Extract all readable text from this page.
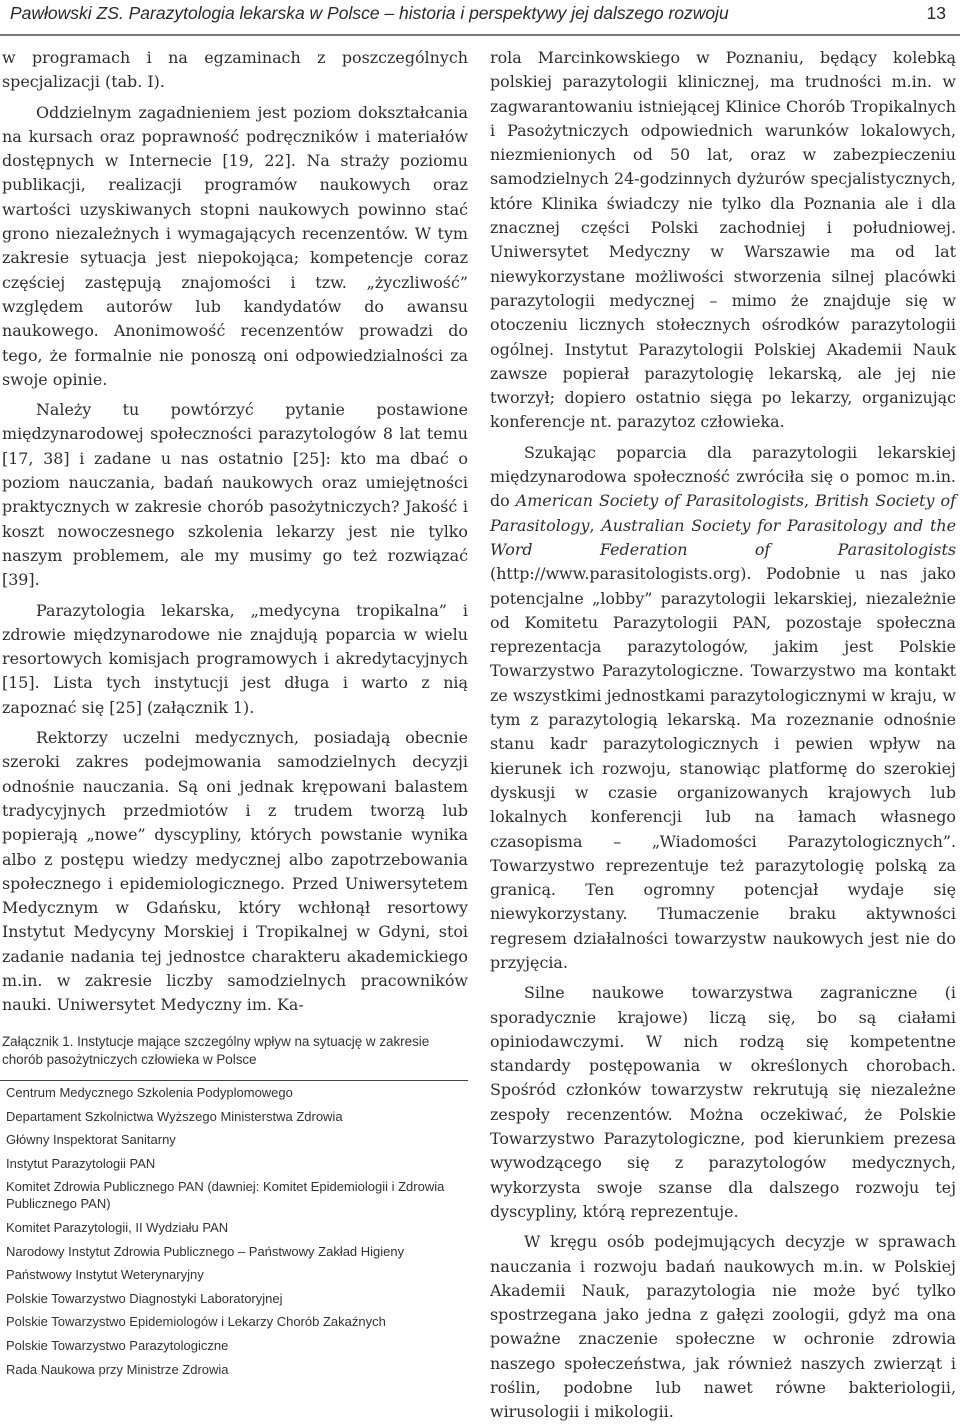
Pawłowski ZS. Parazytologia lekarska w Polsce – historia i perspektywy jej dalszego rozwoju	13

w programach i na egzaminach z poszczególnych specjalizacji (tab. I).

Oddzielnym zagadnieniem jest poziom dokształcania na kursach oraz poprawność podręczników i materiałów dostępnych w Internecie [19, 22]. Na straży poziomu publikacji, realizacji programów naukowych oraz wartości uzyskiwanych stopni naukowych powinno stać grono niezależnych i wymagających recenzentów. W tym zakresie sytuacja jest niepokojąca; kompetencje coraz częściej zastępują znajomości i tzw. „życzliwość” względem autorów lub kandydatów do awansu naukowego. Anonimowość recenzentów prowadzi do tego, że formalnie nie ponoszą oni odpowiedzialności za swoje opinie.

Należy tu powtórzyć pytanie postawione międzynarodowej społeczności parazytologów 8 lat temu [17, 38] i zadane u nas ostatnio [25]: kto ma dbać o poziom nauczania, badań naukowych oraz umiejętności praktycznych w zakresie chorób pasożytniczych? Jakość i koszt nowoczesnego szkolenia lekarzy jest nie tylko naszym problemem, ale my musimy go też rozwiązać [39].

Parazytologia lekarska, „medycyna tropikalna” i zdrowie międzynarodowe nie znajdują poparcia w wielu resortowych komisjach programowych i akredytacyjnych [15]. Lista tych instytucji jest długa i warto z nią zapoznać się [25] (załącznik 1).

Rektorzy uczelni medycznych, posiadają obecnie szeroki zakres podejmowania samodzielnych decyzji odnośnie nauczania. Są oni jednak krępowani balastem tradycyjnych przedmiotów i z trudem tworzą lub popierają „nowe” dyscypliny, których powstanie wynika albo z postępu wiedzy medycznej albo zapotrzebowania społecznego i epidemiologicznego. Przed Uniwersytetem Medycznym w Gdańsku, który wchłonął resortowy Instytut Medycyny Morskiej i Tropikalnej w Gdyni, stoi zadanie nadania tej jednostce charakteru akademickiego m.in. w zakresie liczby samodzielnych pracowników nauki. Uniwersytet Medyczny im. Ka-

Załącznik 1. Instytucje mające szczególny wpływ na sytuację w zakresie chorób pasożytniczych człowieka w Polsce
Centrum Medycznego Szkolenia Podyplomowego
Departament Szkolnictwa Wyższego Ministerstwa Zdrowia
Główny Inspektorat Sanitarny
Instytut Parazytologii PAN
Komitet Zdrowia Publicznego PAN (dawniej: Komitet Epidemiologii i Zdrowia Publicznego PAN)
Komitet Parazytologii, II Wydziału PAN
Narodowy Instytut Zdrowia Publicznego – Państwowy Zakład Higieny
Państwowy Instytut Weterynaryjny
Polskie Towarzystwo Diagnostyki Laboratoryjnej
Polskie Towarzystwo Epidemiologów i Lekarzy Chorób Zakaźnych
Polskie Towarzystwo Parazytologiczne
Rada Naukowa przy Ministrze Zdrowia

rola Marcinkowskiego w Poznaniu, będący kolebką polskiej parazytologii klinicznej, ma trudności m.in. w zagwarantowaniu istniejącej Klinice Chorób Tropikalnych i Pasożytniczych odpowiednich warunków lokalowych, niezmienionych od 50 lat, oraz w zabezpieczeniu samodzielnych 24-godzinnych dyżurów specjalistycznych, które Klinika świadczy nie tylko dla Poznania ale i dla znacznej części Polski zachodniej i południowej. Uniwersytet Medyczny w Warszawie ma od lat niewykorzystane możliwości stworzenia silnej placówki parazytologii medycznej – mimo że znajduje się w otoczeniu licznych stołecznych ośrodków parazytologii ogólnej. Instytut Parazytologii Polskiej Akademii Nauk zawsze popierał parazytologię lekarską, ale jej nie tworzył; dopiero ostatnio sięga po lekarzy, organizując konferencje nt. parazytoz człowieka.

Szukając poparcia dla parazytologii lekarskiej międzynarodowa społeczność zwróciła się o pomoc m.in. do American Society of Parasitologists, British Society of Parasitology, Australian Society for Parasitology and the Word Federation of Parasitologists (http://www.parasitologists.org). Podobnie u nas jako potencjalne „lobby” parazytologii lekarskiej, niezależnie od Komitetu Parazytologii PAN, pozostaje społeczna reprezentacja parazytologów, jakim jest Polskie Towarzystwo Parazytologiczne. Towarzystwo ma kontakt ze wszystkimi jednostkami parazytologicznymi w kraju, w tym z parazytologią lekarską. Ma rozeznanie odnośnie stanu kadr parazytologicznych i pewien wpływ na kierunek ich rozwoju, stanowiąc platformę do szerokiej dyskusji w czasie organizowanych krajowych lub lokalnych konferencji lub na łamach własnego czasopisma – „Wiadomości Parazytologicznych”. Towarzystwo reprezentuje też parazytologię polską za granicą. Ten ogromny potencjał wydaje się niewykorzystany. Tłumaczenie braku aktywności regresem działalności towarzystw naukowych jest nie do przyjęcia.

Silne naukowe towarzystwa zagraniczne (i sporadycznie krajowe) liczą się, bo są ciałami opiniodawczymi. W nich rodzą się kompetentne standardy postępowania w określonych chorobach. Spośród członków towarzystw rekrutują się niezależne zespoły recenzentów. Można oczekiwać, że Polskie Towarzystwo Parazytologiczne, pod kierunkiem prezesa wywodzącego się z parazytologów medycznych, wykorzysta swoje szanse dla dalszego rozwoju tej dyscypliny, którą reprezentuje.

W kręgu osób podejmujących decyzje w sprawach nauczania i rozwoju badań naukowych m.in. w Polskiej Akademii Nauk, parazytologia nie może być tylko spostrzegana jako jedna z gałęzi zoologii, gdyż ma ona poważne znaczenie społeczne w ochronie zdrowia naszego społeczeństwa, jak również naszych zwierząt i roślin, podobne lub nawet równe bakteriologii, wirusologii i mikologii.
